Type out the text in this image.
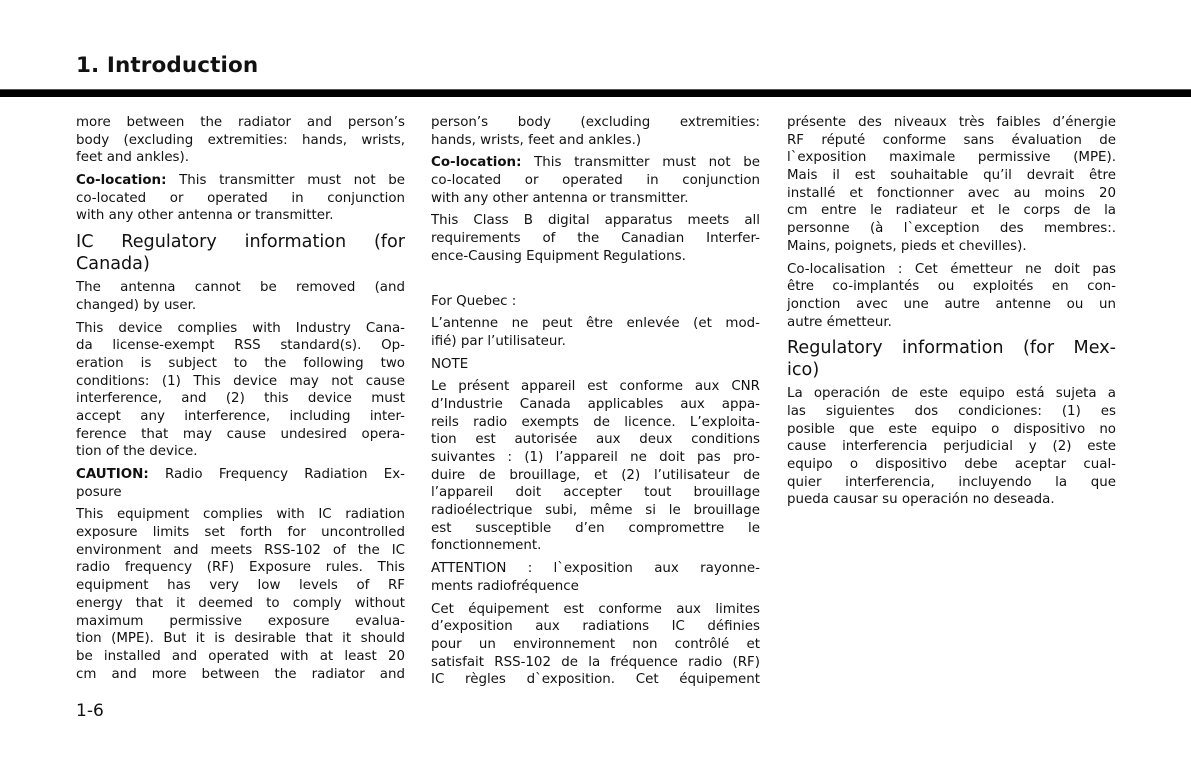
1. Introduction
more between the radiator and person’s
body (excluding extremities: hands, wrists,
feet and ankles).
Co-location: This transmitter must not be
co-located or operated in conjunction
with any other antenna or transmitter.
IC Regulatory information (for
Canada)
The antenna cannot be removed (and
changed) by user.
This device complies with Industry Cana-
da license-exempt RSS standard(s). Op-
eration is subject to the following two
conditions: (1) This device may not cause
interference, and (2) this device must
accept any interference, including inter-
ference that may cause undesired opera-
tion of the device.
CAUTION: Radio Frequency Radiation Ex-
posure
This equipment complies with IC radiation
exposure limits set forth for uncontrolled
environment and meets RSS-102 of the IC
radio frequency (RF) Exposure rules. This
equipment has very low levels of RF
energy that it deemed to comply without
maximum permissive exposure evalua-
tion (MPE). But it is desirable that it should
be installed and operated with at least 20
cm and more between the radiator and
person’s body (excluding extremities:
hands, wrists, feet and ankles.)
Co-location: This transmitter must not be
co-located or operated in conjunction
with any other antenna or transmitter.
This Class B digital apparatus meets all
requirements of the Canadian Interfer-
ence-Causing Equipment Regulations.
For Quebec :
L’antenne ne peut être enlevée (et mod-
ifié) par l’utilisateur.
NOTE
Le présent appareil est conforme aux CNR
d’Industrie Canada applicables aux appa-
reils radio exempts de licence. L’exploita-
tion est autorisée aux deux conditions
suivantes : (1) l’appareil ne doit pas pro-
duire de brouillage, et (2) l’utilisateur de
l’appareil doit accepter tout brouillage
radioélectrique subi, même si le brouillage
est susceptible d’en compromettre le
fonctionnement.
ATTENTION : l`exposition aux rayonne-
ments radiofréquence
Cet équipement est conforme aux limites
d’exposition aux radiations IC définies
pour un environnement non contrôlé et
satisfait RSS-102 de la fréquence radio (RF)
IC règles d`exposition. Cet équipement
présente des niveaux très faibles d’énergie
RF réputé conforme sans évaluation de
l`exposition maximale permissive (MPE).
Mais il est souhaitable qu’il devrait être
installé et fonctionner avec au moins 20
cm entre le radiateur et le corps de la
personne (à l`exception des membres:.
Mains, poignets, pieds et chevilles).
Co-localisation : Cet émetteur ne doit pas
être co-implantés ou exploités en con-
jonction avec une autre antenne ou un
autre émetteur.
Regulatory information (for Mex-
ico)
La operación de este equipo está sujeta a
las siguientes dos condiciones: (1) es
posible que este equipo o dispositivo no
cause interferencia perjudicial y (2) este
equipo o dispositivo debe aceptar cual-
quier interferencia, incluyendo la que
pueda causar su operación no deseada.
1-6
